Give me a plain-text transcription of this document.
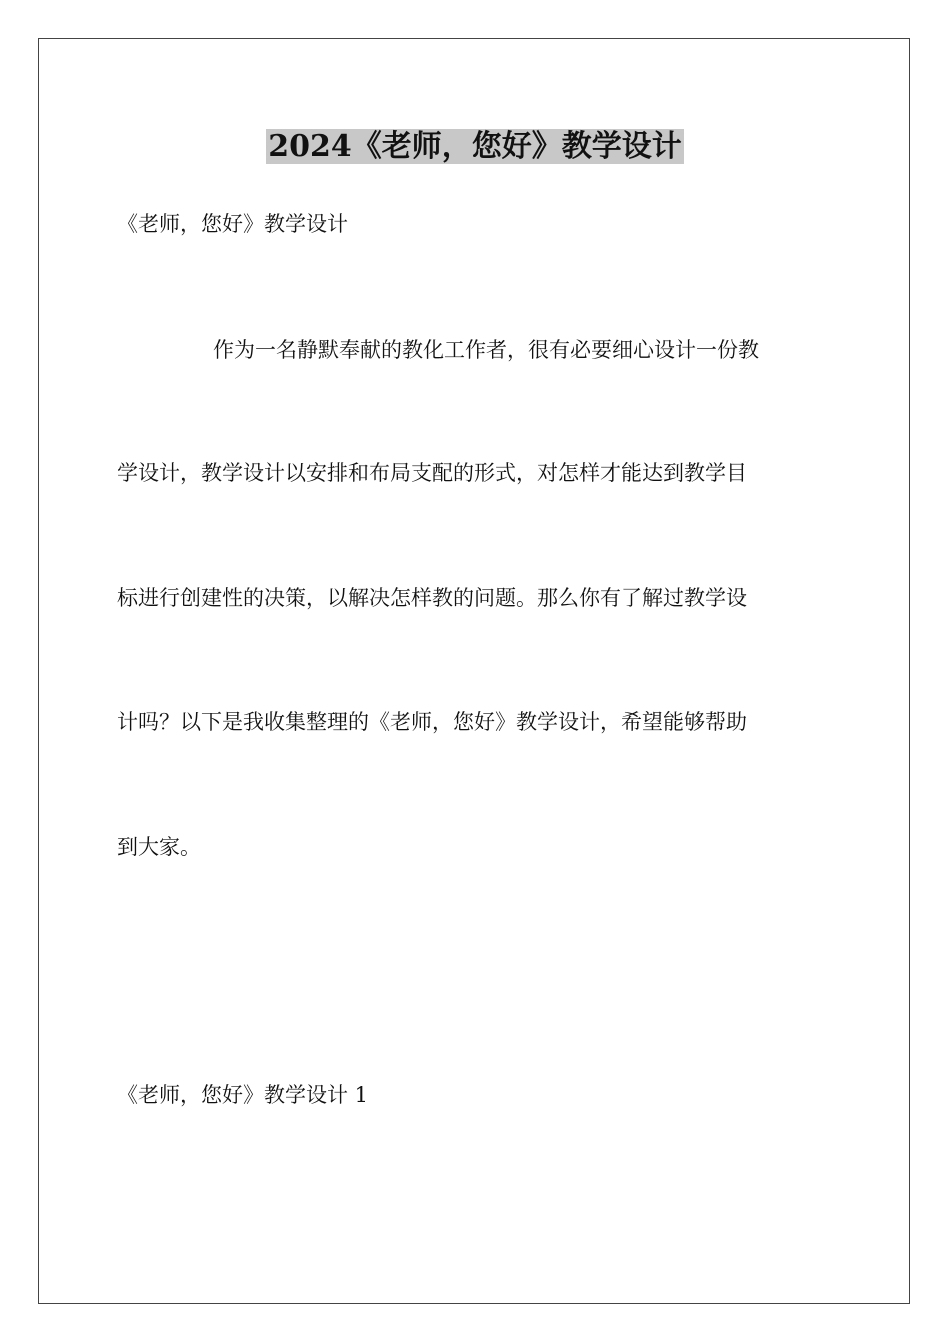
2024《老师，您好》教学设计
《老师，您好》教学设计
作为一名静默奉献的教化工作者，很有必要细心设计一份教
学设计，教学设计以安排和布局支配的形式，对怎样才能达到教学目
标进行创建性的决策，以解决怎样教的问题。那么你有了解过教学设
计吗？以下是我收集整理的《老师，您好》教学设计，希望能够帮助
到大家。
《老师，您好》教学设计 1
